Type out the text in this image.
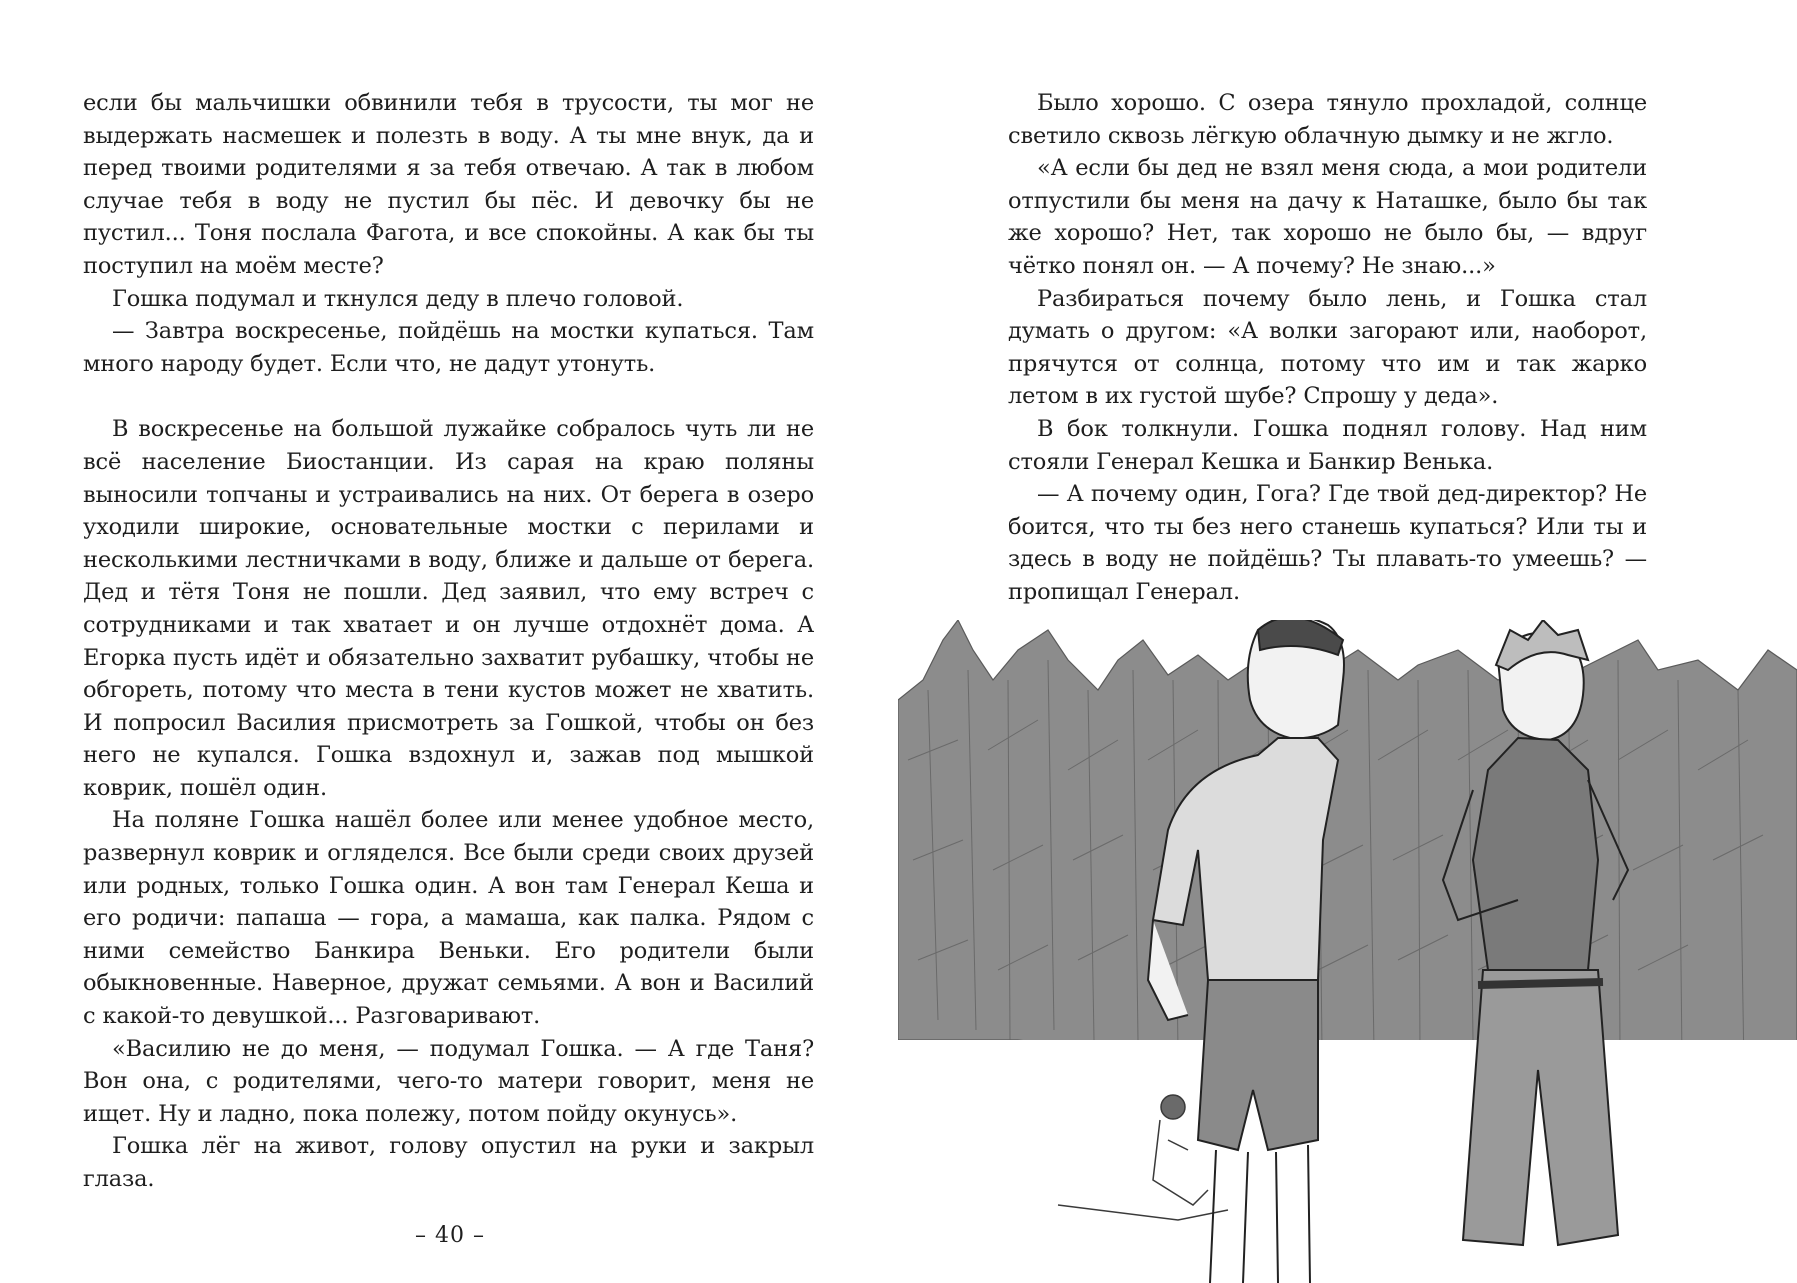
если бы мальчишки обвинили тебя в трусости, ты мог не выдержать насмешек и полезть в воду. А ты мне внук, да и перед твоими родителями я за тебя отвечаю. А так в любом случае тебя в воду не пустил бы пёс. И девочку бы не пустил... Тоня послала Фагота, и все спокойны. А как бы ты поступил на моём месте?

Гошка подумал и ткнулся деду в плечо головой.

— Завтра воскресенье, пойдёшь на мостки купаться. Там много народу будет. Если что, не дадут утонуть.

В воскресенье на большой лужайке собралось чуть ли не всё население Биостанции. Из сарая на краю поляны выносили топчаны и устраивались на них. От берега в озеро уходили широкие, основательные мостки с перилами и несколькими лестничками в воду, ближе и дальше от берега. Дед и тётя Тоня не пошли. Дед заявил, что ему встреч с сотрудниками и так хватает и он лучше отдохнёт дома. А Егорка пусть идёт и обязательно захватит рубашку, чтобы не обгореть, потому что места в тени кустов может не хватить. И попросил Василия присмотреть за Гошкой, чтобы он без него не купался. Гошка вздохнул и, зажав под мышкой коврик, пошёл один.

На поляне Гошка нашёл более или менее удобное место, развернул коврик и огляделся. Все были среди своих друзей или родных, только Гошка один. А вон там Генерал Кеша и его родичи: папаша — гора, а мамаша, как палка. Рядом с ними семейство Банкира Веньки. Его родители были обыкновенные. Наверное, дружат семьями. А вон и Василий с какой-то девушкой... Разговаривают.

«Василию не до меня, — подумал Гошка. — А где Таня? Вон она, с родителями, чего-то матери говорит, меня не ищет. Ну и ладно, пока полежу, потом пойду окунусь».

Гошка лёг на живот, голову опустил на руки и закрыл глаза.

– 40 –

Было хорошо. С озера тянуло прохладой, солнце светило сквозь лёгкую облачную дымку и не жгло.

«А если бы дед не взял меня сюда, а мои родители отпустили бы меня на дачу к Наташке, было бы так же хорошо? Нет, так хорошо не было бы, — вдруг чётко понял он. — А почему? Не знаю...»

Разбираться почему было лень, и Гошка стал думать о другом: «А волки загорают или, наоборот, прячутся от солнца, потому что им и так жарко летом в их густой шубе? Спрошу у деда».

В бок толкнули. Гошка поднял голову. Над ним стояли Генерал Кешка и Банкир Венька.

— А почему один, Гога? Где твой дед-директор? Не боится, что ты без него станешь купаться? Или ты и здесь в воду не пойдёшь? Ты плавать-то умеешь? — пропищал Генерал.
